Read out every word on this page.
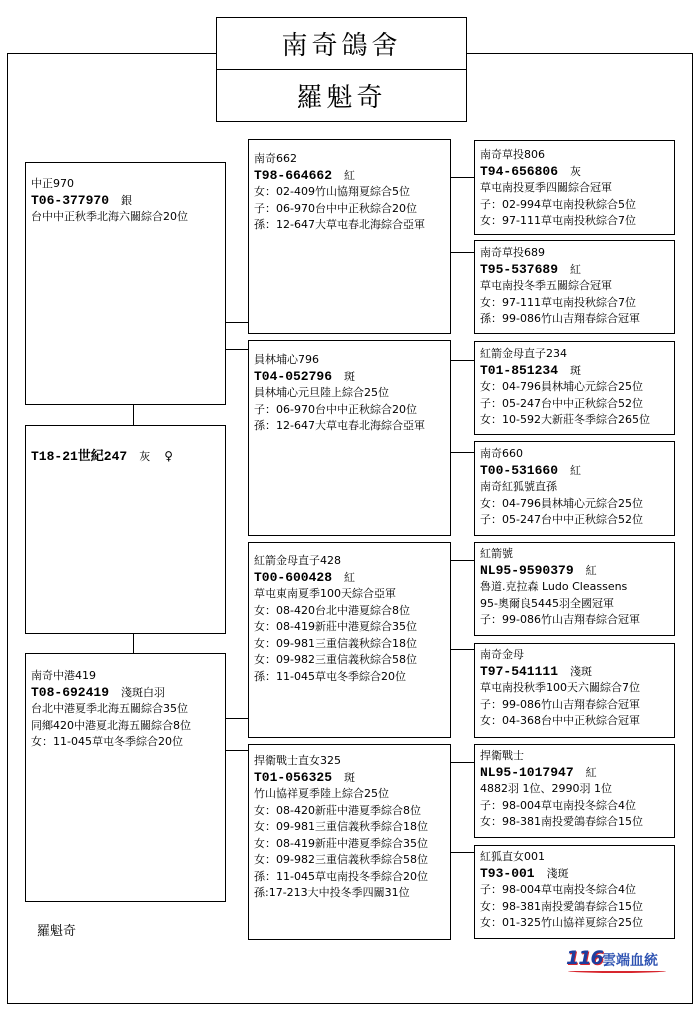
南奇鴿舍
羅魁奇
中正970
T06-377970 銀
台中中正秋季北海六關綜合20位
T18-21世紀247 灰 ♀
南奇中港419
T08-692419 淺斑白羽
台北中港夏季北海五關綜合35位
同鄉420中港夏北海五關綜合8位
女：11-045草屯冬季綜合20位
南奇662
T98-664662 紅
女：02-409竹山協翔夏綜合5位
子：06-970台中中正秋綜合20位
孫：12-647大草屯春北海綜合亞軍
員林埔心796
T04-052796 斑
員林埔心元旦陸上綜合25位
子：06-970台中中正秋綜合20位
孫：12-647大草屯春北海綜合亞軍
紅箭金母直子428
T00-600428 紅
草屯東南夏季100天綜合亞軍
女：08-420台北中港夏綜合8位
女：08-419新莊中港夏綜合35位
女：09-981三重信義秋綜合18位
女：09-982三重信義秋綜合58位
孫：11-045草屯冬季綜合20位
捍衛戰士直女325
T01-056325 斑
竹山協祥夏季陸上綜合25位
女：08-420新莊中港夏季綜合8位
女：09-981三重信義秋季綜合18位
女：08-419新莊中港夏季綜合35位
女：09-982三重信義秋季綜合58位
孫：11-045草屯南投冬季綜合20位
孫:17-213大中投冬季四關31位
南奇草投806
T94-656806 灰
草屯南投夏季四關綜合冠軍
子：02-994草屯南投秋綜合5位
女：97-111草屯南投秋綜合7位
南奇草投689
T95-537689 紅
草屯南投冬季五關綜合冠軍
女：97-111草屯南投秋綜合7位
孫：99-086竹山吉翔春綜合冠軍
紅箭金母直子234
T01-851234 斑
女：04-796員林埔心元綜合25位
子：05-247台中中正秋綜合52位
女：10-592大新莊冬季綜合265位
南奇660
T00-531660 紅
南奇紅狐號直孫
女：04-796員林埔心元綜合25位
子：05-247台中中正秋綜合52位
紅箭號
NL95-9590379 紅
魯道.克拉森 Ludo Cleassens
95-奧爾良5445羽全國冠軍
子：99-086竹山吉翔春綜合冠軍
南奇金母
T97-541111 淺斑
草屯南投秋季100天六關綜合7位
子：99-086竹山吉翔春綜合冠軍
女：04-368台中中正秋綜合冠軍
捍衛戰士
NL95-1017947 紅
4882羽 1位、2990羽 1位
子：98-004草屯南投冬綜合4位
女：98-381南投愛鴿春綜合15位
紅狐直女001
T93-001 淺斑
子：98-004草屯南投冬綜合4位
女：98-381南投愛鴿春綜合15位
女：01-325竹山協祥夏綜合25位
羅魁奇
116 雲端血統
